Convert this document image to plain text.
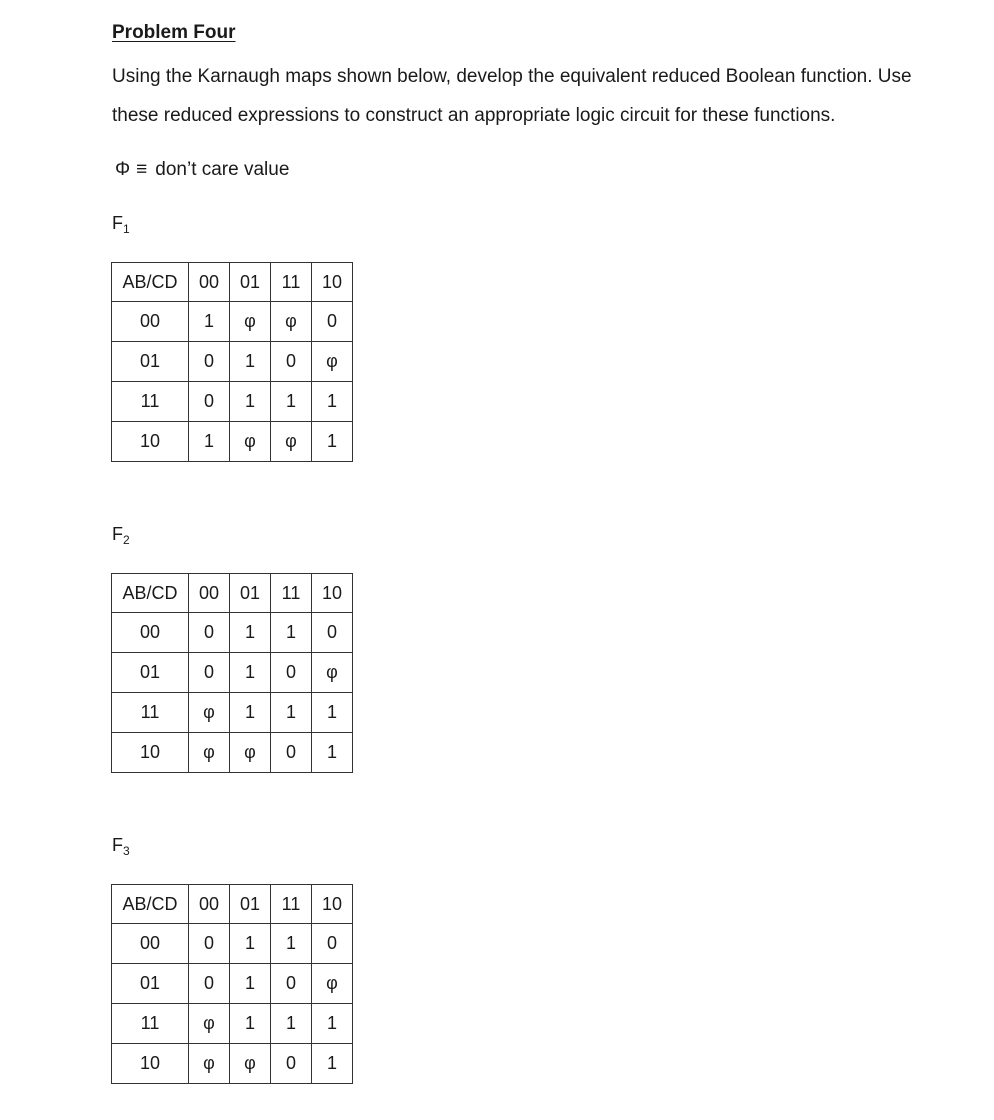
Problem Four
Using the Karnaugh maps shown below, develop the equivalent reduced Boolean function. Use
these reduced expressions to construct an appropriate logic circuit for these functions.
Φ ≡ don’t care value
$F_1$
AB/CD	00	01	11	10
00	1	φ	φ	0
01	0	1	0	φ
11	0	1	1	1
10	1	φ	φ	1
$F_2$
AB/CD	00	01	11	10
00	0	1	1	0
01	0	1	0	φ
11	φ	1	1	1
10	φ	φ	0	1
$F_3$
AB/CD	00	01	11	10
00	0	1	1	0
01	0	1	0	φ
11	φ	1	1	1
10	φ	φ	0	1
